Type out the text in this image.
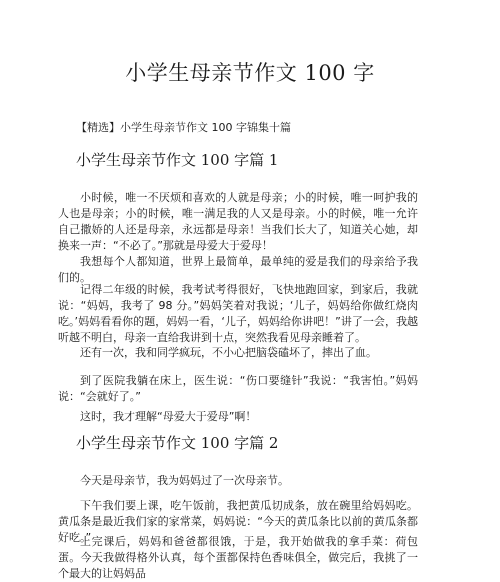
小学生母亲节作文 100 字
【精选】小学生母亲节作文 100 字锦集十篇
小学生母亲节作文 100 字篇 1
小时候，唯一不厌烦和喜欢的人就是母亲；小的时候，唯一呵护我的人也是母亲；小的时候，唯一满足我的人又是母亲。小的时候，唯一允许自己撒娇的人还是母亲，永远都是母亲！当我们长大了，知道关心她，却换来一声：“不必了。”那就是母爱大于爱母！
我想每个人都知道，世界上最简单，最单纯的爱是我们的母亲给予我们的。
记得二年级的时候，我考试考得很好，飞快地跑回家，到家后，我就说：“妈妈，我考了 98 分。”妈妈笑着对我说；‘儿子，妈妈给你做红烧肉吃。’妈妈看看你的题，妈妈一看，‘儿子，妈妈给你讲吧！”讲了一会，我越听越不明白，母亲一直给我讲到十点，突然我看见母亲睡着了。
还有一次，我和同学疯玩，不小心把脑袋磕坏了，摔出了血。
到了医院我躺在床上，医生说：“伤口要缝针”我说：“我害怕。”妈妈说：“会就好了。”
这时，我才理解“母爱大于爱母”啊！
小学生母亲节作文 100 字篇 2
今天是母亲节，我为妈妈过了一次母亲节。
下午我们要上课，吃午饭前，我把黄瓜切成条，放在碗里给妈妈吃。黄瓜条是最近我们家的家常菜，妈妈说：“今天的黄瓜条比以前的黄瓜条都好吃。”
上完课后，妈妈和爸爸都很饿，于是，我开始做我的拿手菜：荷包蛋。今天我做得格外认真，每个蛋都保持色香味俱全，做完后，我挑了一个最大的让妈妈品
